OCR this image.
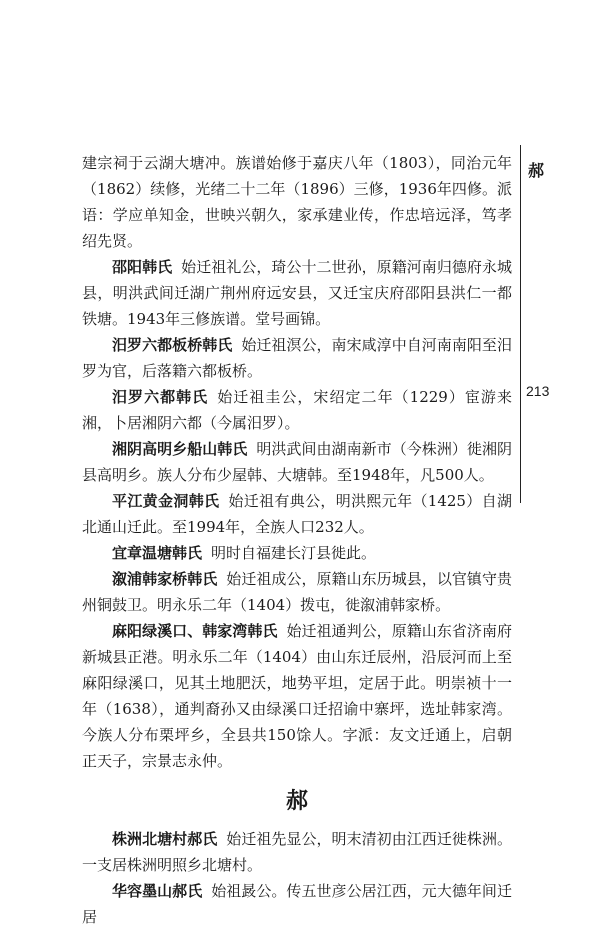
郝
213

建宗祠于云湖大塘冲。族谱始修于嘉庆八年（1803），同治元年（1862）续修，光绪二十二年（1896）三修，1936年四修。派语：学应单知金，世映兴朝久，家承建业传，作忠培远泽，笃孝绍先贤。

邵阳韩氏 始迁祖礼公，琦公十二世孙，原籍河南归德府永城县，明洪武间迁湖广荆州府远安县，又迁宝庆府邵阳县洪仁一都铁塘。1943年三修族谱。堂号画锦。

汨罗六都板桥韩氏 始迁祖溟公，南宋咸淳中自河南南阳至汨罗为官，后落籍六都板桥。

汨罗六都韩氏 始迁祖圭公，宋绍定二年（1229）宦游来湘，卜居湘阴六都（今属汨罗）。

湘阴高明乡船山韩氏 明洪武间由湖南新市（今株洲）徙湘阴县高明乡。族人分布少屋韩、大塘韩。至1948年，凡500人。

平江黄金洞韩氏 始迁祖有典公，明洪熙元年（1425）自湖北通山迁此。至1994年，全族人口232人。

宜章温塘韩氏 明时自福建长汀县徙此。

溆浦韩家桥韩氏 始迁祖成公，原籍山东历城县，以官镇守贵州铜鼓卫。明永乐二年（1404）拨屯，徙溆浦韩家桥。

麻阳绿溪口、韩家湾韩氏 始迁祖通判公，原籍山东省济南府新城县正港。明永乐二年（1404）由山东迁辰州，沿辰河而上至麻阳绿溪口，见其土地肥沃，地势平坦，定居于此。明崇祯十一年（1638），通判裔孙又由绿溪口迁招谕中寨坪，选址韩家湾。今族人分布栗坪乡，全县共150馀人。字派：友文迁通上，启朝正天子，宗景志永仲。

郝

株洲北塘村郝氏 始迁祖先显公，明末清初由江西迁徙株洲。一支居株洲明照乡北塘村。

华容墨山郝氏 始祖晸公。传五世彦公居江西，元大德年间迁居
